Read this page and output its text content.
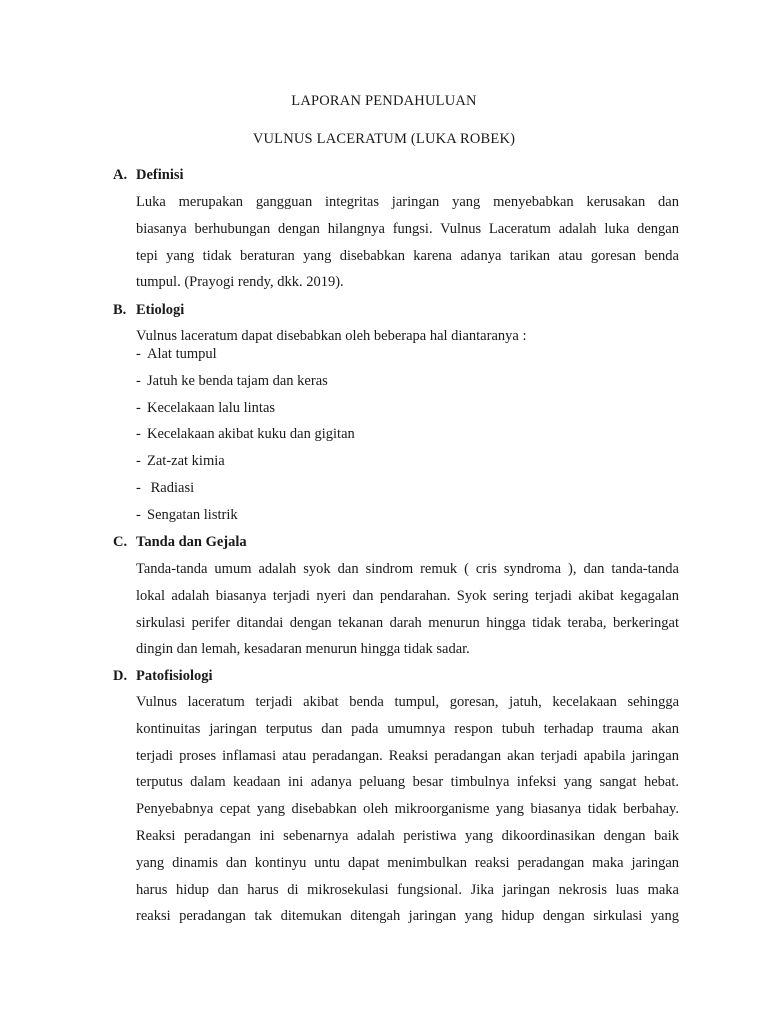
LAPORAN PENDAHULUAN
VULNUS LACERATUM (LUKA ROBEK)
A. Definisi
Luka merupakan gangguan integritas jaringan yang menyebabkan kerusakan dan
biasanya berhubungan dengan hilangnya fungsi. Vulnus Laceratum adalah luka dengan
tepi yang tidak beraturan yang disebabkan karena adanya tarikan atau goresan benda
tumpul. (Prayogi rendy, dkk. 2019).
B. Etiologi
Vulnus laceratum dapat disebabkan oleh beberapa hal diantaranya :
- Alat tumpul
- Jatuh ke benda tajam dan keras
- Kecelakaan lalu lintas
- Kecelakaan akibat kuku dan gigitan
- Zat-zat kimia
- Radiasi
- Sengatan listrik
C. Tanda dan Gejala
Tanda-tanda umum adalah syok dan sindrom remuk ( cris syndroma ), dan tanda-tanda
lokal adalah biasanya terjadi nyeri dan pendarahan. Syok sering terjadi akibat kegagalan
sirkulasi perifer ditandai dengan tekanan darah menurun hingga tidak teraba, berkeringat
dingin dan lemah, kesadaran menurun hingga tidak sadar.
D. Patofisiologi
Vulnus laceratum terjadi akibat benda tumpul, goresan, jatuh, kecelakaan sehingga
kontinuitas jaringan terputus dan pada umumnya respon tubuh terhadap trauma akan
terjadi proses inflamasi atau peradangan. Reaksi peradangan akan terjadi apabila jaringan
terputus dalam keadaan ini adanya peluang besar timbulnya infeksi yang sangat hebat.
Penyebabnya cepat yang disebabkan oleh mikroorganisme yang biasanya tidak berbahay.
Reaksi peradangan ini sebenarnya adalah peristiwa yang dikoordinasikan dengan baik
yang dinamis dan kontinyu untu dapat menimbulkan reaksi peradangan maka jaringan
harus hidup dan harus di mikrosekulasi fungsional. Jika jaringan nekrosis luas maka
reaksi peradangan tak ditemukan ditengah jaringan yang hidup dengan sirkulasi yang
